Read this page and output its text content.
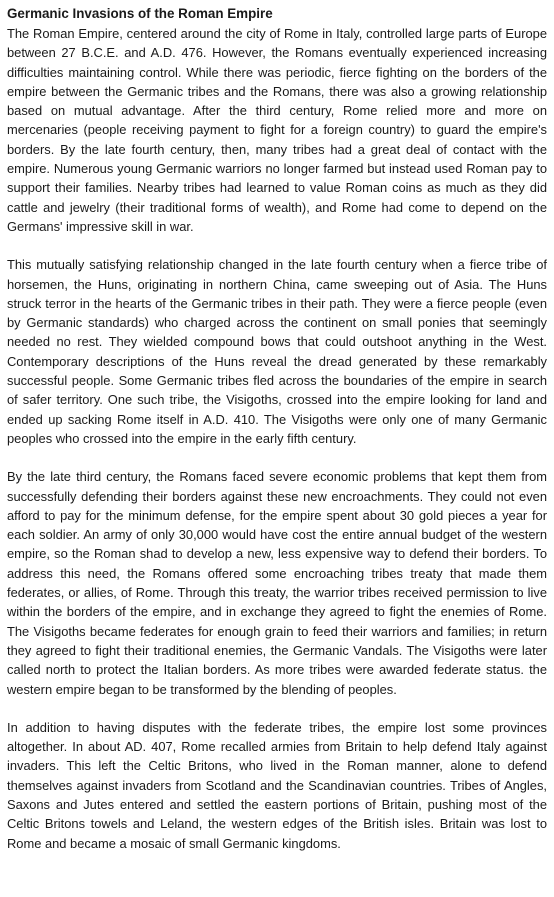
Germanic Invasions of the Roman Empire

The Roman Empire, centered around the city of Rome in Italy, controlled large parts of Europe between 27 B.C.E. and A.D. 476. However, the Romans eventually experienced increasing difficulties maintaining control. While there was periodic, fierce fighting on the borders of the empire between the Germanic tribes and the Romans, there was also a growing relationship based on mutual advantage. After the third century, Rome relied more and more on mercenaries (people receiving payment to fight for a foreign country) to guard the empire's borders. By the late fourth century, then, many tribes had a great deal of contact with the empire. Numerous young Germanic warriors no longer farmed but instead used Roman pay to support their families. Nearby tribes had learned to value Roman coins as much as they did cattle and jewelry (their traditional forms of wealth), and Rome had come to depend on the Germans' impressive skill in war.

This mutually satisfying relationship changed in the late fourth century when a fierce tribe of horsemen, the Huns, originating in northern China, came sweeping out of Asia. The Huns struck terror in the hearts of the Germanic tribes in their path. They were a fierce people (even by Germanic standards) who charged across the continent on small ponies that seemingly needed no rest. They wielded compound bows that could outshoot anything in the West. Contemporary descriptions of the Huns reveal the dread generated by these remarkably successful people. Some Germanic tribes fled across the boundaries of the empire in search of safer territory. One such tribe, the Visigoths, crossed into the empire looking for land and ended up sacking Rome itself in A.D. 410. The Visigoths were only one of many Germanic peoples who crossed into the empire in the early fifth century.

By the late third century, the Romans faced severe economic problems that kept them from successfully defending their borders against these new encroachments. They could not even afford to pay for the minimum defense, for the empire spent about 30 gold pieces a year for each soldier. An army of only 30,000 would have cost the entire annual budget of the western empire, so the Roman shad to develop a new, less expensive way to defend their borders. To address this need, the Romans offered some encroaching tribes treaty that made them federates, or allies, of Rome. Through this treaty, the warrior tribes received permission to live within the borders of the empire, and in exchange they agreed to fight the enemies of Rome. The Visigoths became federates for enough grain to feed their warriors and families; in return they agreed to fight their traditional enemies, the Germanic Vandals. The Visigoths were later called north to protect the Italian borders. As more tribes were awarded federate status. the western empire began to be transformed by the blending of peoples.

In addition to having disputes with the federate tribes, the empire lost some provinces altogether. In about AD. 407, Rome recalled armies from Britain to help defend Italy against invaders. This left the Celtic Britons, who lived in the Roman manner, alone to defend themselves against invaders from Scotland and the Scandinavian countries. Tribes of Angles, Saxons and Jutes entered and settled the eastern portions of Britain, pushing most of the Celtic Britons towels and Leland, the western edges of the British isles. Britain was lost to Rome and became a mosaic of small Germanic kingdoms.
